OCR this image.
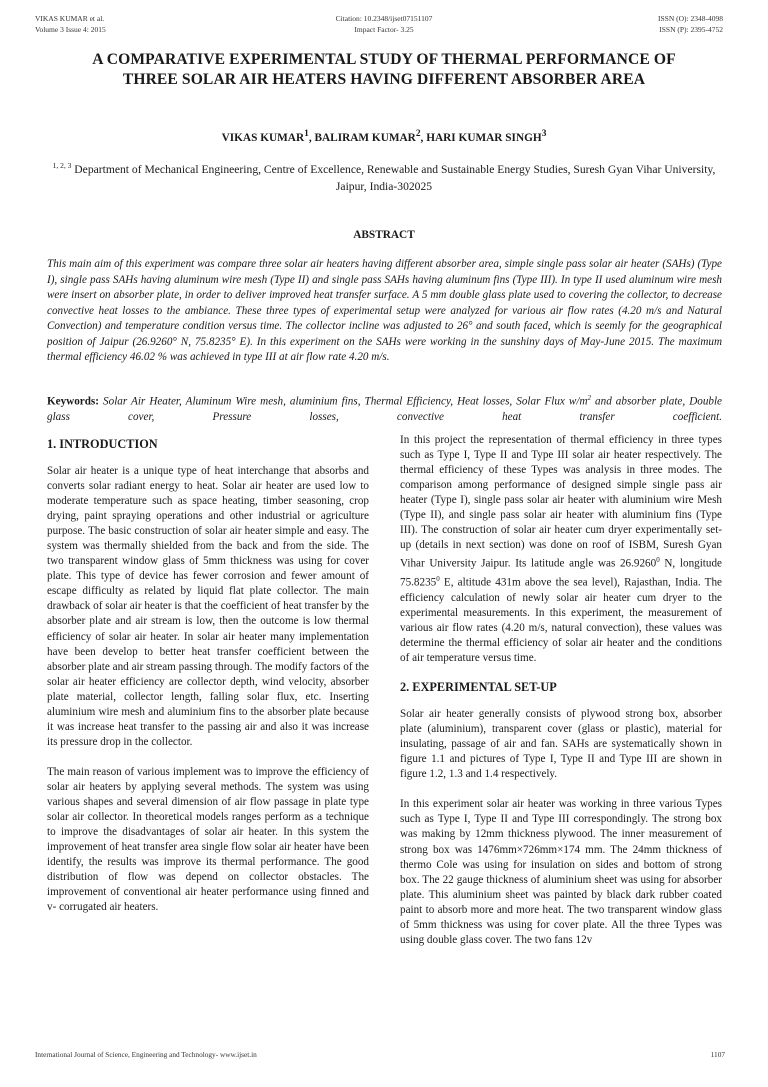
VIKAS KUMAR et al.
Volume 3 Issue 4: 2015
Citation: 10.2348/ijset07151107
Impact Factor- 3.25
ISSN (O): 2348-4098
ISSN (P): 2395-4752
A COMPARATIVE EXPERIMENTAL STUDY OF THERMAL PERFORMANCE OF
THREE SOLAR AIR HEATERS HAVING DIFFERENT ABSORBER AREA
VIKAS KUMAR$^1$, BALIRAM KUMAR$^2$, HARI KUMAR SINGH$^3$
$^{1, 2, 3}$ Department of Mechanical Engineering, Centre of Excellence, Renewable and Sustainable Energy Studies, Suresh Gyan Vihar University, Jaipur, India-302025
ABSTRACT
This main aim of this experiment was compare three solar air heaters having different absorber area, simple single pass solar air heater (SAHs) (Type I), single pass SAHs having aluminum wire mesh (Type II) and single pass SAHs having aluminum fins (Type III). In type II used aluminum wire mesh were insert on absorber plate, in order to deliver improved heat transfer surface. A 5 mm double glass plate used to covering the collector, to decrease convective heat losses to the ambiance. These three types of experimental setup were analyzed for various air flow rates (4.20 m/s and Natural Convection) and temperature condition versus time. The collector incline was adjusted to 26° and south faced, which is seemly for the geographical position of Jaipur (26.9260° N, 75.8235° E). In this experiment on the SAHs were working in the sunshiny days of May-June 2015. The maximum thermal efficiency 46.02 % was achieved in type III at air flow rate 4.20 m/s.
Keywords: Solar Air Heater, Aluminum Wire mesh, aluminium fins, Thermal Efficiency, Heat losses, Solar Flux $w/m^2$ and absorber plate, Double glass cover, Pressure losses, convective heat transfer coefficient.
1. INTRODUCTION

Solar air heater is a unique type of heat interchange that absorbs and converts solar radiant energy to heat. Solar air heater are used low to moderate temperature such as space heating, timber seasoning, crop drying, paint spraying operations and other industrial or agriculture purpose. The basic construction of solar air heater simple and easy. The system was thermally shielded from the back and from the side. The two transparent window glass of 5mm thickness was using for cover plate. This type of device has fewer corrosion and fewer amount of escape difficulty as related by liquid flat plate collector. The main drawback of solar air heater is that the coefficient of heat transfer by the absorber plate and air stream is low, then the outcome is low thermal efficiency of solar air heater. In solar air heater many implementation have been develop to better heat transfer coefficient between the absorber plate and air stream passing through. The modify factors of the solar air heater efficiency are collector depth, wind velocity, absorber plate material, collector length, falling solar flux, etc. Inserting aluminium wire mesh and aluminium fins to the absorber plate because it was increase heat transfer to the passing air and also it was increase its pressure drop in the collector.

The main reason of various implement was to improve the efficiency of solar air heaters by applying several methods. The system was using various shapes and several dimension of air flow passage in plate type solar air collector. In theoretical models ranges perform as a technique to improve the disadvantages of solar air heater. In this system the improvement of heat transfer area single flow solar air heater have been identify, the results was improve its thermal performance. The good distribution of flow was depend on collector obstacles. The improvement of conventional air heater performance using finned and v- corrugated air heaters.

In this project the representation of thermal efficiency in three types such as Type I, Type II and Type III solar air heater respectively. The thermal efficiency of these Types was analysis in three modes. The comparison among performance of designed simple single pass air heater (Type I), single pass solar air heater with aluminium wire Mesh (Type II), and single pass solar air heater with aluminium fins (Type III). The construction of solar air heater cum dryer experimentally set-up (details in next section) was done on roof of ISBM, Suresh Gyan Vihar University Jaipur. Its latitude angle was 26.9260$^0$ N, longitude 75.8235$^0$ E, altitude 431m above the sea level), Rajasthan, India. The efficiency calculation of newly solar air heater cum dryer to the experimental measurements. In this experiment, the measurement of various air flow rates (4.20 m/s, natural convection), these values was determine the thermal efficiency of solar air heater and the conditions of air temperature versus time.

2. EXPERIMENTAL SET-UP

Solar air heater generally consists of plywood strong box, absorber plate (aluminium), transparent cover (glass or plastic), material for insulating, passage of air and fan. SAHs are systematically shown in figure 1.1 and pictures of Type I, Type II and Type III are shown in figure 1.2, 1.3 and 1.4 respectively.

In this experiment solar air heater was working in three various Types such as Type I, Type II and Type III correspondingly. The strong box was making by 12mm thickness plywood. The inner measurement of strong box was 1476mm×726mm×174 mm. The 24mm thickness of thermo Cole was using for insulation on sides and bottom of strong box. The 22 gauge thickness of aluminium sheet was using for absorber plate. This aluminium sheet was painted by black dark rubber coated paint to absorb more and more heat. The two transparent window glass of 5mm thickness was using for cover plate. All the three Types was using double glass cover. The two fans 12v

International Journal of Science, Engineering and Technology- www.ijset.in	1107
